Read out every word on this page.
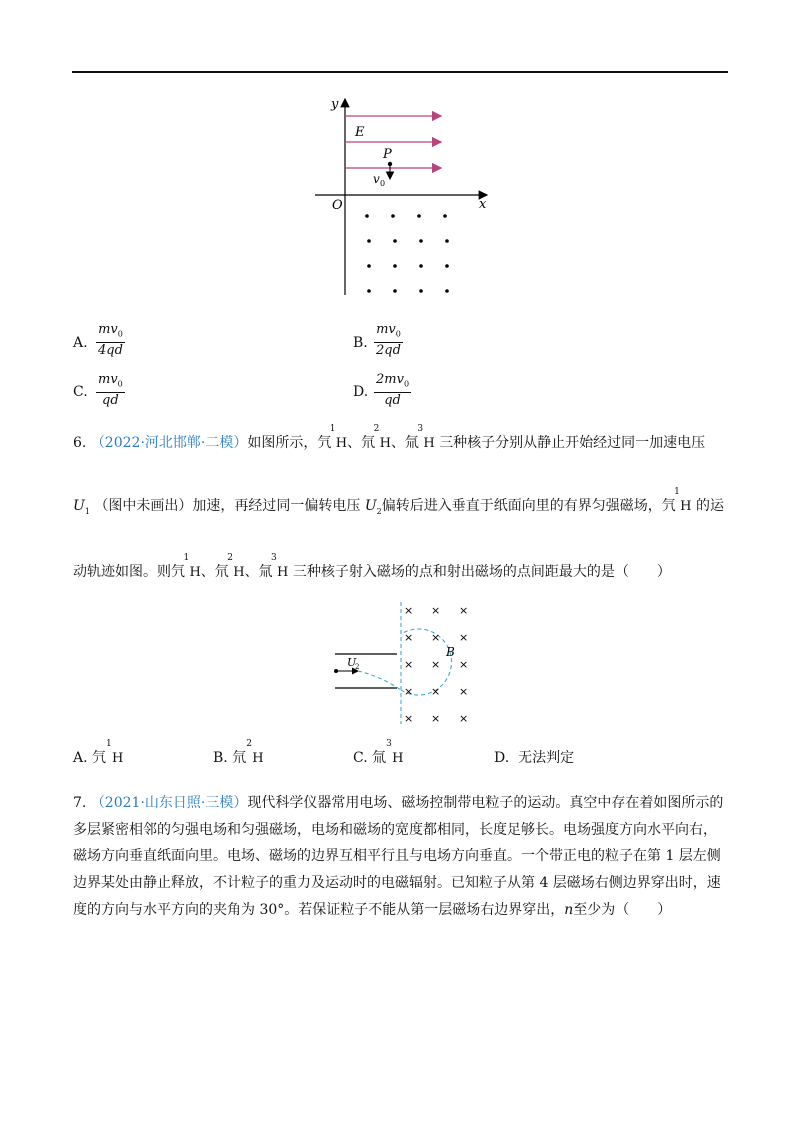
y
x
O
E
P
v 0
A. $\frac{mv_0}{4qd}$	B. $\frac{mv_0}{2qd}$
C. $\frac{mv_0}{qd}$	D. $\frac{2mv_0}{qd}$
6. （2022·河北邯郸·二模）如图所示，氕
1
H、氘
2
H、氚
3
H 三种核子分别从静止开始经过同一加速电压
$U_1$ （图中未画出）加速，再经过同一偏转电压 $U_2$偏转后进入垂直于纸面向里的有界匀强磁场，氕
1
H 的运
动轨迹如图。则氕
1
H、氘
2
H、氚
3
H 三种核子射入磁场的点和射出磁场的点间距最大的是（　　）
U
2
B
× × ×
× × ×
× × ×
× × ×
× × ×
A. 氕
1
H	B. 氘
2
H	C. 氚
3
H	D. 无法判定
7. （2021·山东日照·三模）现代科学仪器常用电场、磁场控制带电粒子的运动。真空中存在着如图所示的
多层紧密相邻的匀强电场和匀强磁场，电场和磁场的宽度都相同，长度足够长。电场强度方向水平向右，
磁场方向垂直纸面向里。电场、磁场的边界互相平行且与电场方向垂直。一个带正电的粒子在第 1 层左侧
边界某处由静止释放，不计粒子的重力及运动时的电磁辐射。已知粒子从第 4 层磁场右侧边界穿出时，速
度的方向与水平方向的夹角为 30°。若保证粒子不能从第一层磁场右边界穿出，n至少为（　　）
